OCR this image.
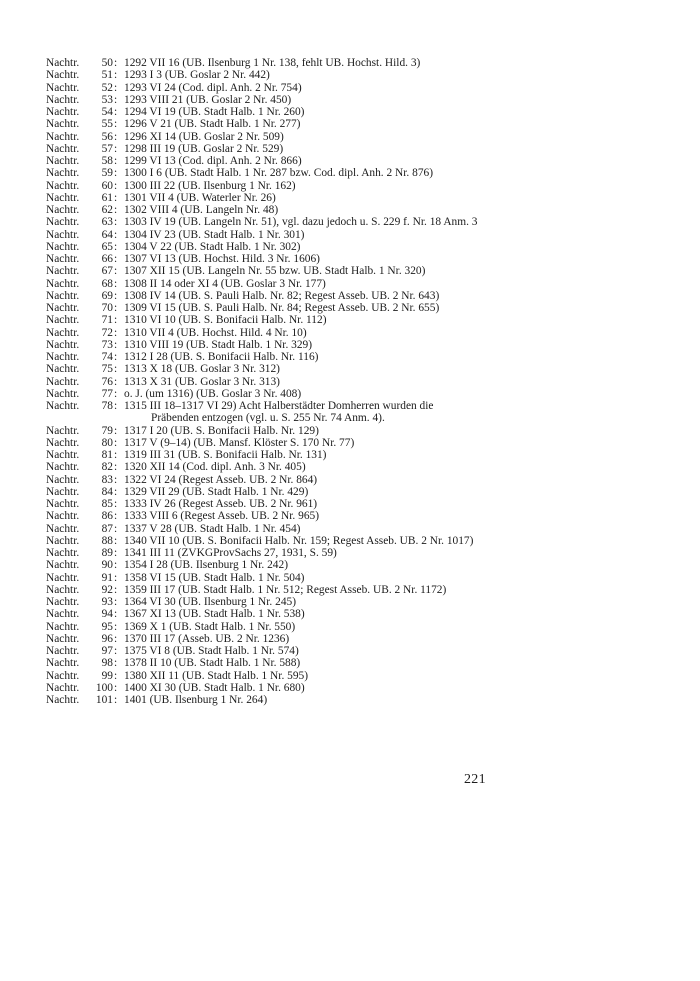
Nachtr.	50 : 1292 VII 16 (UB. Ilsenburg 1 Nr. 138, fehlt UB. Hochst. Hild. 3)
Nachtr.	51 : 1293 I 3 (UB. Goslar 2 Nr. 442)
Nachtr.	52 : 1293 VI 24 (Cod. dipl. Anh. 2 Nr. 754)
Nachtr.	53 : 1293 VIII 21 (UB. Goslar 2 Nr. 450)
Nachtr.	54 : 1294 VI 19 (UB. Stadt Halb. 1 Nr. 260)
Nachtr.	55 : 1296 V 21 (UB. Stadt Halb. 1 Nr. 277)
Nachtr.	56 : 1296 XI 14 (UB. Goslar 2 Nr. 509)
Nachtr.	57 : 1298 III 19 (UB. Goslar 2 Nr. 529)
Nachtr.	58 : 1299 VI 13 (Cod. dipl. Anh. 2 Nr. 866)
Nachtr.	59 : 1300 I 6 (UB. Stadt Halb. 1 Nr. 287 bzw. Cod. dipl. Anh. 2 Nr. 876)
Nachtr.	60 : 1300 III 22 (UB. Ilsenburg 1 Nr. 162)
Nachtr.	61 : 1301 VII 4 (UB. Waterler Nr. 26)
Nachtr.	62 : 1302 VIII 4 (UB. Langeln Nr. 48)
Nachtr.	63 : 1303 IV 19 (UB. Langeln Nr. 51), vgl. dazu jedoch u. S. 229 f. Nr. 18 Anm. 3
Nachtr.	64 : 1304 IV 23 (UB. Stadt Halb. 1 Nr. 301)
Nachtr.	65 : 1304 V 22 (UB. Stadt Halb. 1 Nr. 302)
Nachtr.	66 : 1307 VI 13 (UB. Hochst. Hild. 3 Nr. 1606)
Nachtr.	67 : 1307 XII 15 (UB. Langeln Nr. 55 bzw. UB. Stadt Halb. 1 Nr. 320)
Nachtr.	68 : 1308 II 14 oder XI 4 (UB. Goslar 3 Nr. 177)
Nachtr.	69 : 1308 IV 14 (UB. S. Pauli Halb. Nr. 82; Regest Asseb. UB. 2 Nr. 643)
Nachtr.	70 : 1309 VI 15 (UB. S. Pauli Halb. Nr. 84; Regest Asseb. UB. 2 Nr. 655)
Nachtr.	71 : 1310 VI 10 (UB. S. Bonifacii Halb. Nr. 112)
Nachtr.	72 : 1310 VII 4 (UB. Hochst. Hild. 4 Nr. 10)
Nachtr.	73 : 1310 VIII 19 (UB. Stadt Halb. 1 Nr. 329)
Nachtr.	74 : 1312 I 28 (UB. S. Bonifacii Halb. Nr. 116)
Nachtr.	75 : 1313 X 18 (UB. Goslar 3 Nr. 312)
Nachtr.	76 : 1313 X 31 (UB. Goslar 3 Nr. 313)
Nachtr.	77 : o. J. (um 1316) (UB. Goslar 3 Nr. 408)
Nachtr.	78 : 1315 III 18–1317 VI 29) Acht Halberstädter Domherren wurden die
Präbenden entzogen (vgl. u. S. 255 Nr. 74 Anm. 4).
Nachtr.	79 : 1317 I 20 (UB. S. Bonifacii Halb. Nr. 129)
Nachtr.	80 : 1317 V (9–14) (UB. Mansf. Klöster S. 170 Nr. 77)
Nachtr.	81 : 1319 III 31 (UB. S. Bonifacii Halb. Nr. 131)
Nachtr.	82 : 1320 XII 14 (Cod. dipl. Anh. 3 Nr. 405)
Nachtr.	83 : 1322 VI 24 (Regest Asseb. UB. 2 Nr. 864)
Nachtr.	84 : 1329 VII 29 (UB. Stadt Halb. 1 Nr. 429)
Nachtr.	85 : 1333 IV 26 (Regest Asseb. UB. 2 Nr. 961)
Nachtr.	86 : 1333 VIII 6 (Regest Asseb. UB. 2 Nr. 965)
Nachtr.	87 : 1337 V 28 (UB. Stadt Halb. 1 Nr. 454)
Nachtr.	88 : 1340 VII 10 (UB. S. Bonifacii Halb. Nr. 159; Regest Asseb. UB. 2 Nr. 1017)
Nachtr.	89 : 1341 III 11 (ZVKGProvSachs 27, 1931, S. 59)
Nachtr.	90 : 1354 I 28 (UB. Ilsenburg 1 Nr. 242)
Nachtr.	91 : 1358 VI 15 (UB. Stadt Halb. 1 Nr. 504)
Nachtr.	92 : 1359 III 17 (UB. Stadt Halb. 1 Nr. 512; Regest Asseb. UB. 2 Nr. 1172)
Nachtr.	93 : 1364 VI 30 (UB. Ilsenburg 1 Nr. 245)
Nachtr.	94 : 1367 XI 13 (UB. Stadt Halb. 1 Nr. 538)
Nachtr.	95 : 1369 X 1 (UB. Stadt Halb. 1 Nr. 550)
Nachtr.	96 : 1370 III 17 (Asseb. UB. 2 Nr. 1236)
Nachtr.	97 : 1375 VI 8 (UB. Stadt Halb. 1 Nr. 574)
Nachtr.	98 : 1378 II 10 (UB. Stadt Halb. 1 Nr. 588)
Nachtr.	99 : 1380 XII 11 (UB. Stadt Halb. 1 Nr. 595)
Nachtr.	100 : 1400 XI 30 (UB. Stadt Halb. 1 Nr. 680)
Nachtr.	101 : 1401 (UB. Ilsenburg 1 Nr. 264)
221
